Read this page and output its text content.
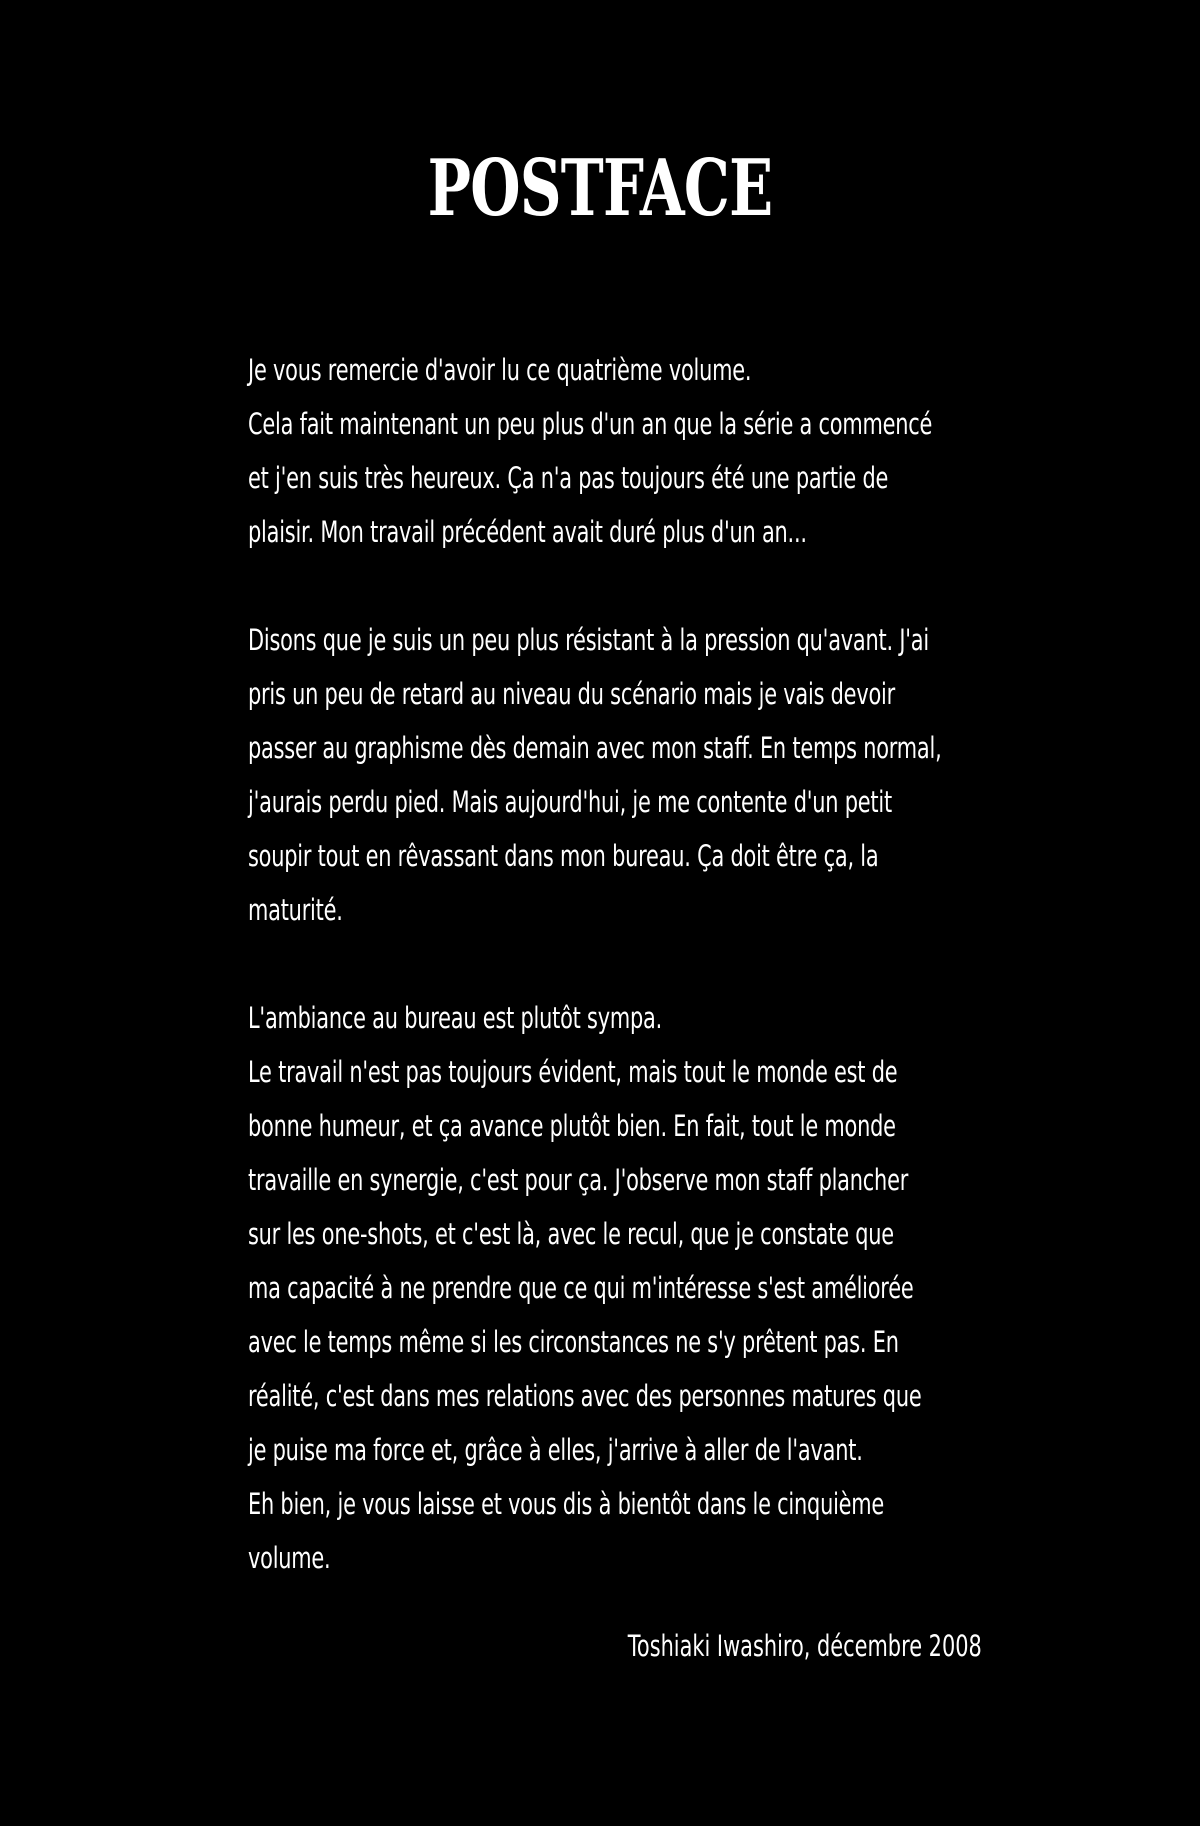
POSTFACE
Je vous remercie d'avoir lu ce quatrième volume.
Cela fait maintenant un peu plus d'un an que la série a commencé
et j'en suis très heureux. Ça n'a pas toujours été une partie de
plaisir. Mon travail précédent avait duré plus d'un an...
Disons que je suis un peu plus résistant à la pression qu'avant. J'ai
pris un peu de retard au niveau du scénario mais je vais devoir
passer au graphisme dès demain avec mon staff. En temps normal,
j'aurais perdu pied. Mais aujourd'hui, je me contente d'un petit
soupir tout en rêvassant dans mon bureau. Ça doit être ça, la
maturité.
L'ambiance au bureau est plutôt sympa.
Le travail n'est pas toujours évident, mais tout le monde est de
bonne humeur, et ça avance plutôt bien. En fait, tout le monde
travaille en synergie, c'est pour ça. J'observe mon staff plancher
sur les one-shots, et c'est là, avec le recul, que je constate que
ma capacité à ne prendre que ce qui m'intéresse s'est améliorée
avec le temps même si les circonstances ne s'y prêtent pas. En
réalité, c'est dans mes relations avec des personnes matures que
je puise ma force et, grâce à elles, j'arrive à aller de l'avant.
Eh bien, je vous laisse et vous dis à bientôt dans le cinquième
volume.
Toshiaki Iwashiro, décembre 2008
